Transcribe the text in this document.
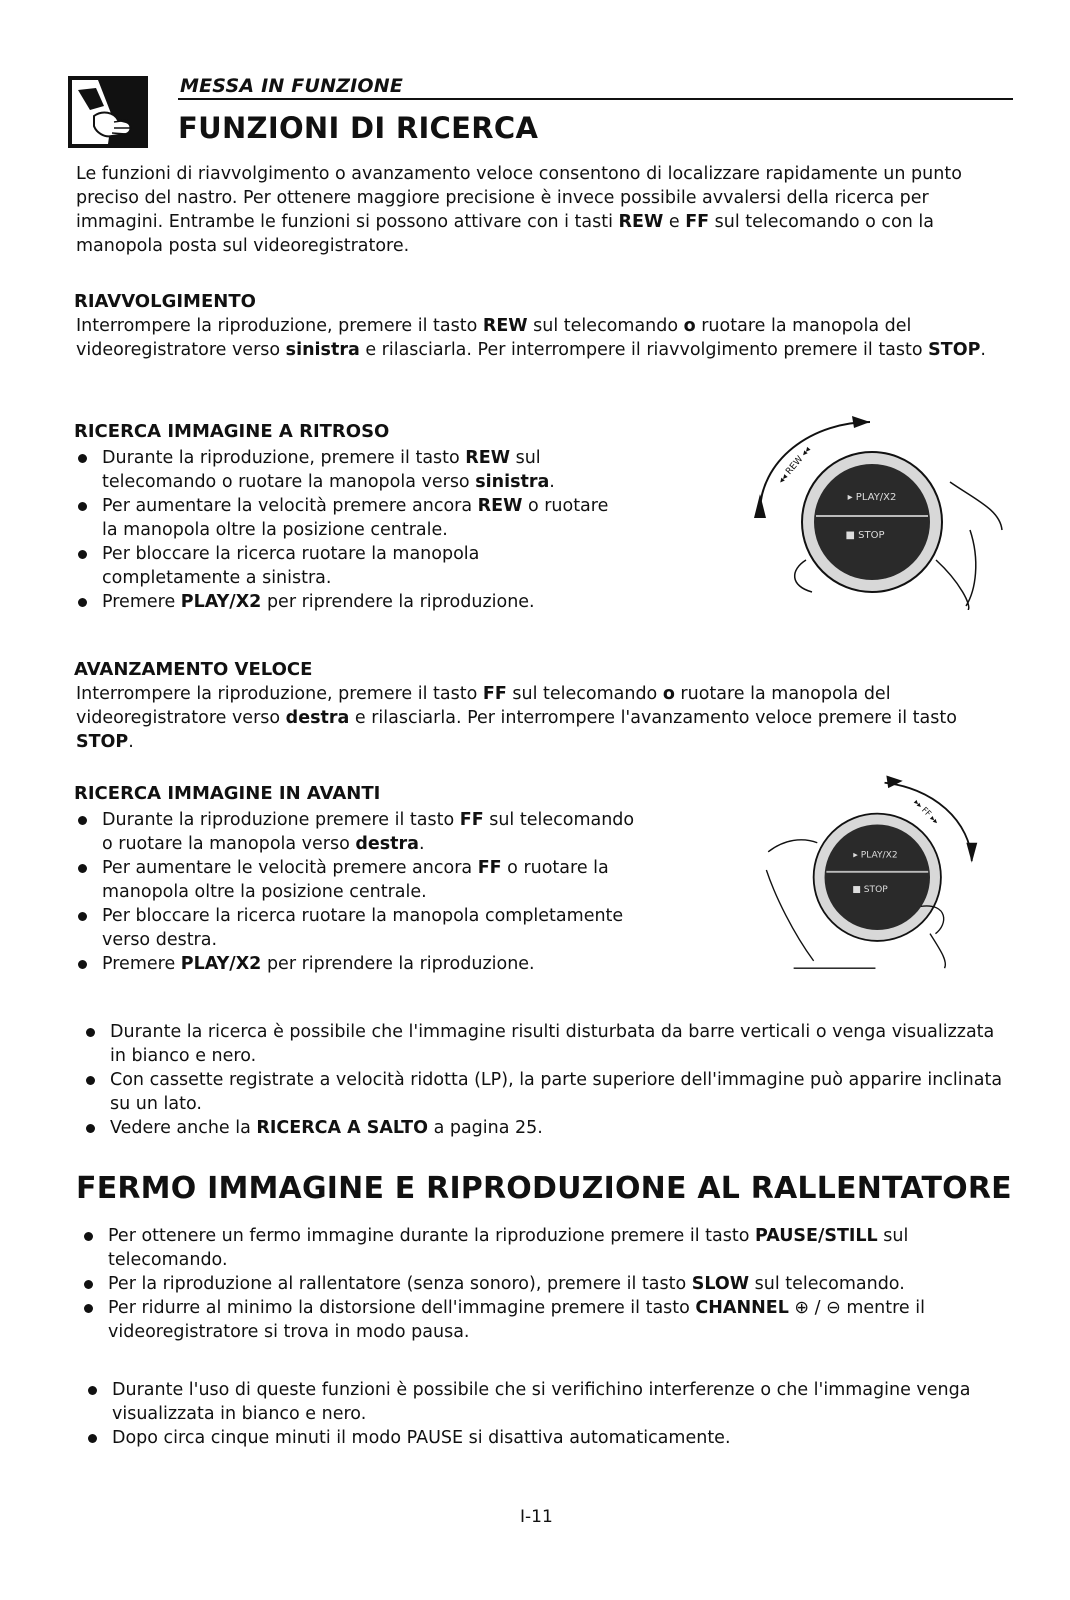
MESSA IN FUNZIONE
FUNZIONI DI RICERCA

Le funzioni di riavvolgimento o avanzamento veloce consentono di localizzare rapidamente un punto preciso del nastro. Per ottenere maggiore precisione è invece possibile avvalersi della ricerca per immagini. Entrambe le funzioni si possono attivare con i tasti REW e FF sul telecomando o con la manopola posta sul videoregistratore.

RIAVVOLGIMENTO

Interrompere la riproduzione, premere il tasto REW sul telecomando o ruotare la manopola del videoregistratore verso sinistra e rilasciarla. Per interrompere il riavvolgimento premere il tasto STOP.

RICERCA IMMAGINE A RITROSO
Durante la riproduzione, premere il tasto REW sul telecomando o ruotare la manopola verso sinistra.
Per aumentare la velocità premere ancora REW o ruotare la manopola oltre la posizione centrale.
Per bloccare la ricerca ruotare la manopola completamente a sinistra.
Premere PLAY/X2 per riprendere la riproduzione.
▸ PLAY/X2
■ STOP
◂◂ REW ◂◂
AVANZAMENTO VELOCE

Interrompere la riproduzione, premere il tasto FF sul telecomando o ruotare la manopola del videoregistratore verso destra e rilasciarla. Per interrompere l'avanzamento veloce premere il tasto STOP.

RICERCA IMMAGINE IN AVANTI
Durante la riproduzione premere il tasto FF sul telecomando o ruotare la manopola verso destra.
Per aumentare le velocità premere ancora FF o ruotare la manopola oltre la posizione centrale.
Per bloccare la ricerca ruotare la manopola completamente verso destra.
Premere PLAY/X2 per riprendere la riproduzione.
▸ PLAY/X2
■ STOP
▸▸ FF ▸▸
Durante la ricerca è possibile che l'immagine risulti disturbata da barre verticali o venga visualizzata in bianco e nero.
Con cassette registrate a velocità ridotta (LP), la parte superiore dell'immagine può apparire inclinata su un lato.
Vedere anche la RICERCA A SALTO a pagina 25.
FERMO IMMAGINE E RIPRODUZIONE AL RALLENTATORE
Per ottenere un fermo immagine durante la riproduzione premere il tasto PAUSE/STILL sul telecomando.
Per la riproduzione al rallentatore (senza sonoro), premere il tasto SLOW sul telecomando.
Per ridurre al minimo la distorsione dell'immagine premere il tasto CHANNEL ⊕ / ⊖ mentre il videoregistratore si trova in modo pausa.
Durante l'uso di queste funzioni è possibile che si verifichino interferenze o che l'immagine venga visualizzata in bianco e nero.
Dopo circa cinque minuti il modo PAUSE si disattiva automaticamente.
I-11
